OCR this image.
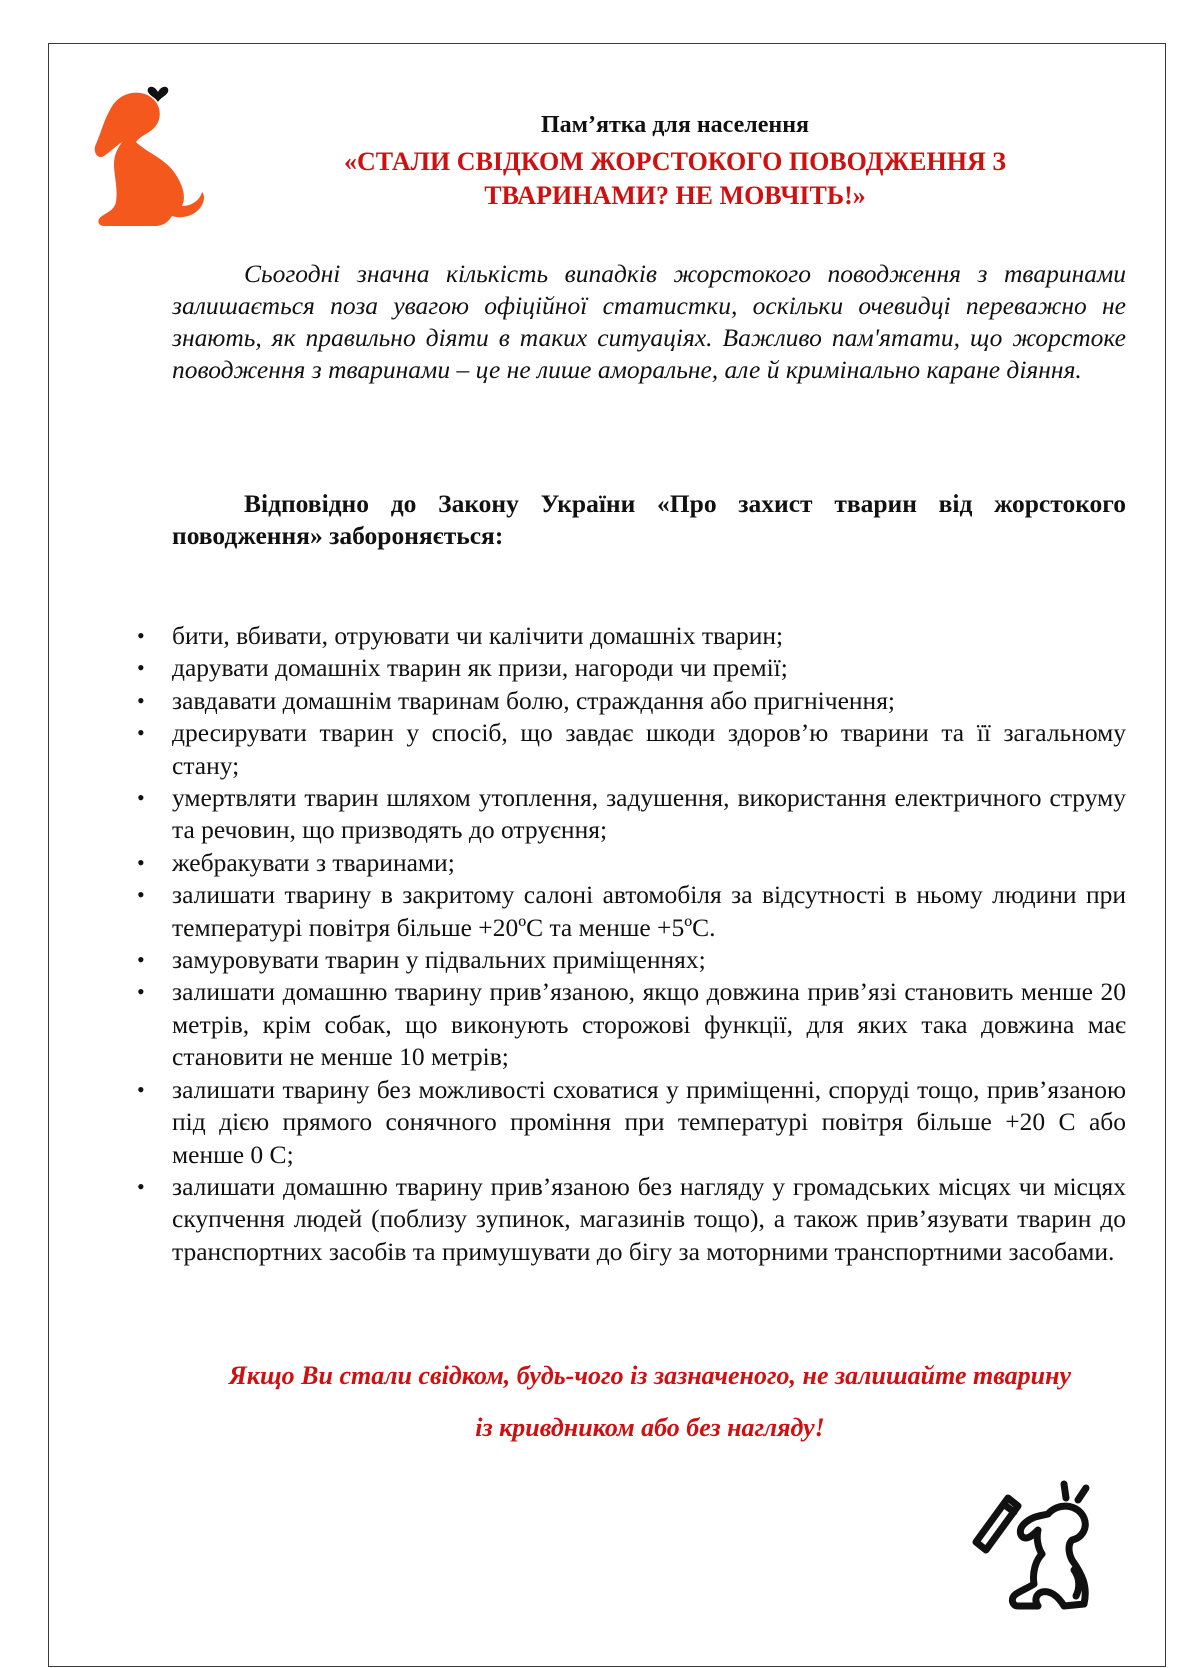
Пам’ятка для населення
«СТАЛИ СВІДКОМ ЖОРСТОКОГО ПОВОДЖЕННЯ З
ТВАРИНАМИ? НЕ МОВЧІТЬ!»
Сьогодні значна кількість випадків жорстокого поводження з тваринами залишається поза увагою офіційної статистки, оскільки очевидці переважно не знають, як правильно діяти в таких ситуаціях. Важливо пам'ятати, що жорстоке поводження з тваринами – це не лише аморальне, але й кримінально каране діяння.
Відповідно до Закону України «Про захист тварин від жорстокого поводження» забороняється:
• бити, вбивати, отруювати чи калічити домашніх тварин;
• дарувати домашніх тварин як призи, нагороди чи премії;
• завдавати домашнім тваринам болю, страждання або пригнічення;
• дресирувати тварин у спосіб, що завдає шкоди здоров’ю тварини та її загальному стану;
• умертвляти тварин шляхом утоплення, задушення, використання електричного струму та речовин, що призводять до отруєння;
• жебракувати з тваринами;
• залишати тварину в закритому салоні автомобіля за відсутності в ньому людини при температурі повітря більше +20ºС та менше +5ºС.
• замуровувати тварин у підвальних приміщеннях;
• залишати домашню тварину прив’язаною, якщо довжина прив’язі становить менше 20 метрів, крім собак, що виконують сторожові функції, для яких така довжина має становити не менше 10 метрів;
• залишати тварину без можливості сховатися у приміщенні, споруді тощо, прив’язаною під дією прямого сонячного проміння при температурі повітря більше +20 С або менше 0 С;
• залишати домашню тварину прив’язаною без нагляду у громадських місцях чи місцях скупчення людей (поблизу зупинок, магазинів тощо), а також прив’язувати тварин до транспортних засобів та примушувати до бігу за моторними транспортними засобами.
Якщо Ви стали свідком, будь-чого із зазначеного, не залишайте тварину
із кривдником або без нагляду!
